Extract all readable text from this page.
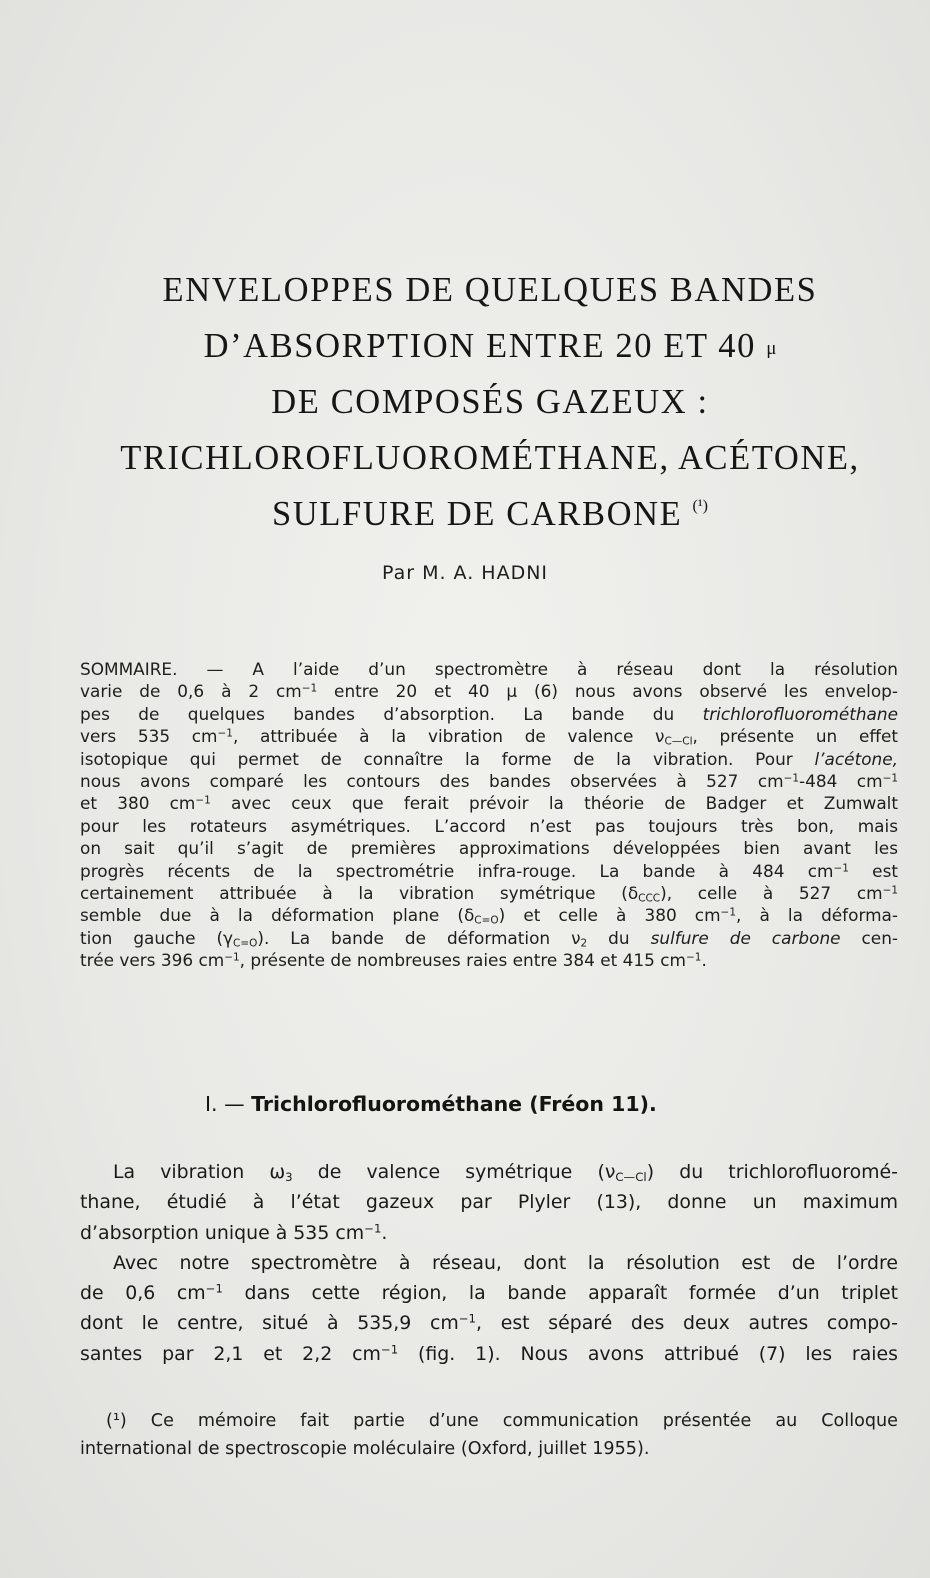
ENVELOPPES DE QUELQUES BANDES
D’ABSORPTION ENTRE 20 ET 40 $^\mu$
DE COMPOSÉS GAZEUX :
TRICHLOROFLUOROMÉTHANE, ACÉTONE,
SULFURE DE CARBONE $^{(^1)}$
Par M. A. HADNI
SOMMAIRE. — A l’aide d’un spectromètre à réseau dont la résolution
varie de 0,6 à 2 $cm^{-1}$ entre 20 et 40 μ (6) nous avons observé les envelop-
pes de quelques bandes d’absorption. La bande du trichlorofluorométhane
vers 535 $cm^{-1}$, attribuée à la vibration de valence $\nu_{C—Cl}$, présente un effet
isotopique qui permet de connaître la forme de la vibration. Pour l’acétone,
nous avons comparé les contours des bandes observées à 527 $cm^{-1}-484$ $cm^{-1}$
et 380 $cm^{-1}$ avec ceux que ferait prévoir la théorie de Badger et Zumwalt
pour les rotateurs asymétriques. L’accord n’est pas toujours très bon, mais
on sait qu’il s’agit de premières approximations développées bien avant les
progrès récents de la spectrométrie infra-rouge. La bande à 484 $cm^{-1}$ est
certainement attribuée à la vibration symétrique $(\delta_{CCC})$, celle à 527 $cm^{-1}$
semble due à la déformation plane $(\delta_{C=O})$ et celle à 380 $cm^{-1}$, à la déforma-
tion gauche $(\gamma_{C=O})$. La bande de déformation $\nu_2$ du sulfure de carbone cen-
trée vers 396 $cm^{-1}$, présente de nombreuses raies entre 384 et 415 $cm^{-1}$.
I. — Trichlorofluorométhane (Fréon 11).
La vibration $\omega_3$ de valence symétrique $(\nu_{C—Cl})$ du trichlorofluoromé-
thane, étudié à l’état gazeux par Plyler (13), donne un maximum
d’absorption unique à 535 $cm^{-1}$.
Avec notre spectromètre à réseau, dont la résolution est de l’ordre
de 0,6 $cm^{-1}$ dans cette région, la bande apparaît formée d’un triplet
dont le centre, situé à 535,9 $cm^{-1}$, est séparé des deux autres compo-
santes par 2,1 et 2,2 $cm^{-1}$ (fig. 1). Nous avons attribué (7) les raies
(¹) Ce mémoire fait partie d’une communication présentée au Colloque
international de spectroscopie moléculaire (Oxford, juillet 1955).
